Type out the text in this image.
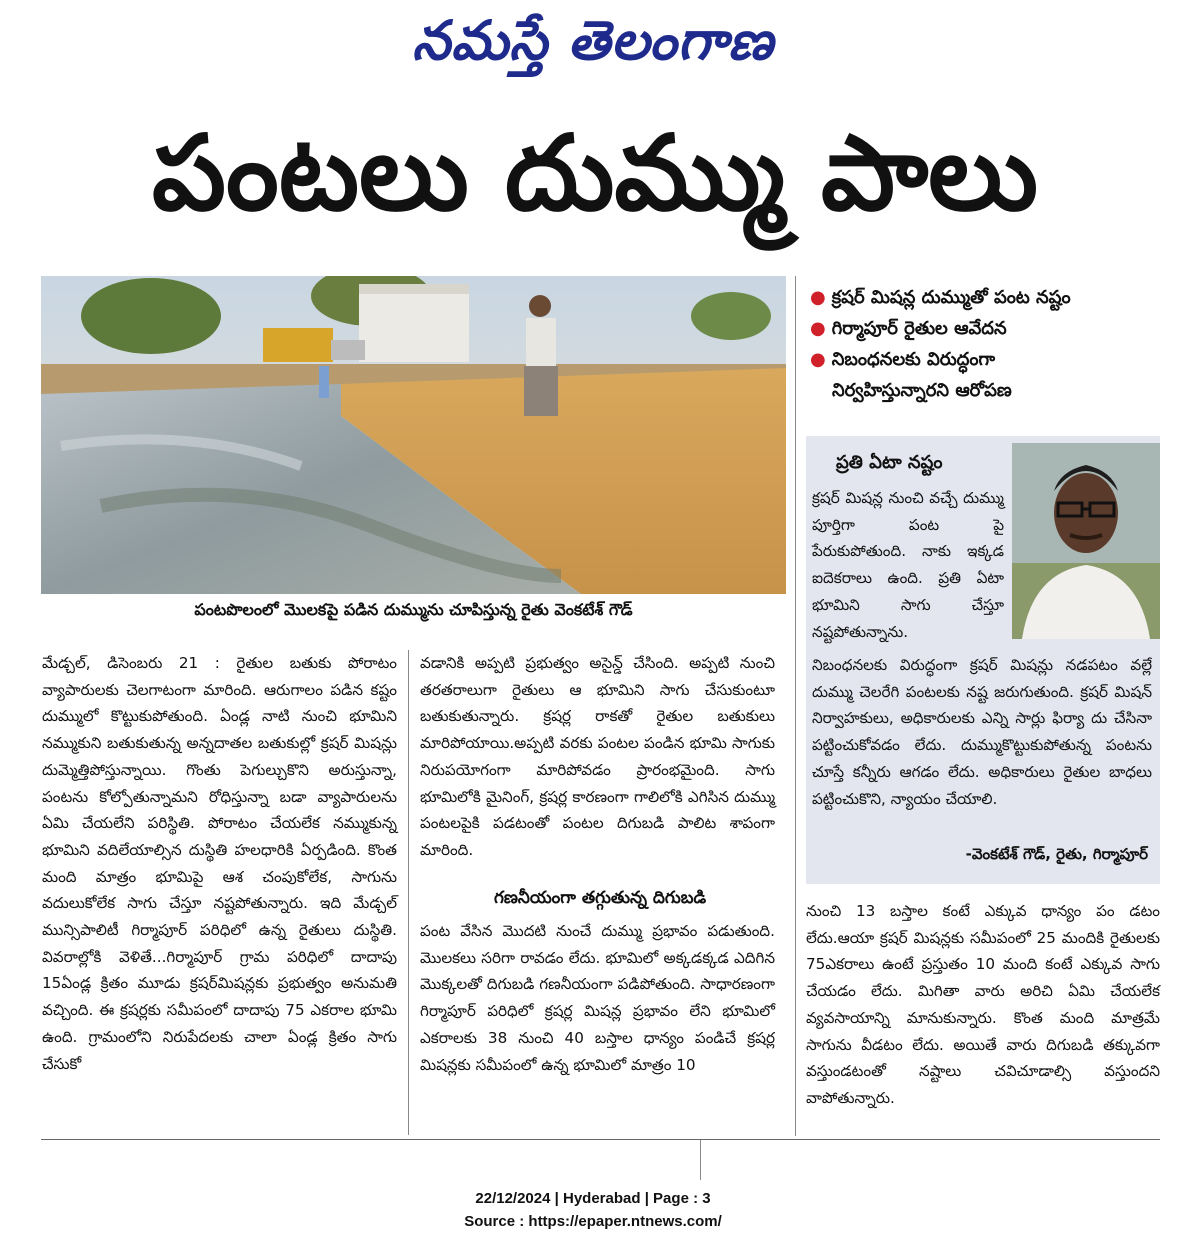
నమస్తే తెలంగాణ
పంటలు దుమ్ము పాలు
పంటపొలంలో మొలకపై పడిన దుమ్మును చూపిస్తున్న రైతు వెంకటేశ్‌ గౌడ్‌
● క్రషర్‌ మిషన్ల దుమ్ముతో పంట నష్టం
● గిర్మాపూర్‌ రైతుల ఆవేదన
● నిబంధనలకు విరుద్ధంగా
నిర్వహిస్తున్నారని ఆరోపణ
ప్రతి ఏటా నష్టం
క్రషర్‌ మిషన్ల నుంచి వచ్చే దుమ్ము పూర్తిగా పంట పై పేరుకుపోతుంది. నాకు ఇక్కడ ఐదెకరాలు ఉంది. ప్రతి ఏటా భూమిని సాగు చేస్తూ నష్టపోతున్నాను.
నిబంధనలకు విరుద్ధంగా క్రషర్‌ మిషన్లు నడపటం వల్లే దుమ్ము చెలరేగి పంటలకు నష్ట జరుగుతుంది. క్రషర్‌ మిషన్‌ నిర్వాహకులు, అధికారులకు ఎన్ని సార్లు ఫిర్యా దు చేసినా పట్టించుకోవడం లేదు. దుమ్ముకొట్టుకుపోతున్న పంటను చూస్తే కన్నీరు ఆగడం లేదు. అధికారులు రైతుల బాధలు పట్టించుకొని, న్యాయం చేయాలి.
-వెంకటేశ్‌ గౌడ్‌, రైతు, గిర్మాపూర్‌

మేడ్చల్‌, డిసెంబరు 21 : రైతుల బతుకు పోరాటం వ్యాపారులకు చెలగాటంగా మారింది. ఆరుగాలం పడిన కష్టం దుమ్ములో కొట్టుకుపోతుంది. ఏండ్ల నాటి నుంచి భూమిని నమ్ముకుని బతుకుతున్న అన్నదాతల బతుకుల్లో క్రషర్‌ మిషన్లు దుమ్మెత్తిపోస్తున్నాయి. గొంతు పెగుల్చుకొని అరుస్తున్నా, పంటను కోల్పోతున్నామని రోధిస్తున్నా బడా వ్యాపారులను ఏమి చేయలేని పరిస్థితి. పోరాటం చేయలేక నమ్ముకున్న భూమిని వదిలేయాల్సిన దుస్థితి హలధారికి ఏర్పడింది. కొంత మంది మాత్రం భూమిపై ఆశ చంపుకోలేక, సాగును వదులుకోలేక సాగు చేస్తూ నష్టపోతున్నారు. ఇది మేడ్చల్‌ మున్సిపాలిటీ గిర్మాపూర్‌ పరిధిలో ఉన్న రైతులు దుస్థితి. వివరాల్లోకి వెళితే...గిర్మాపూర్‌ గ్రామ పరిధిలో దాదాపు 15ఏండ్ల క్రితం మూడు క్రషర్‌మిషన్లకు ప్రభుత్వం అనుమతి వచ్చింది. ఈ క్రషర్లకు సమీపంలో దాదాపు 75 ఎకరాల భూమి ఉంది. గ్రామంలోని నిరుపేదలకు చాలా ఏండ్ల క్రితం సాగు చేసుకో

వడానికి అప్పటి ప్రభుత్వం అసైన్డ్‌ చేసింది. అప్పటి నుంచి తరతరాలుగా రైతులు ఆ భూమిని సాగు చేసుకుంటూ బతుకుతున్నారు. క్రషర్ల రాకతో రైతుల బతుకులు మారిపోయాయి.అప్పటి వరకు పంటల పండిన భూమి సాగుకు నిరుపయోగంగా మారిపోవడం ప్రారంభమైంది. సాగు భూమిలోకి మైనింగ్‌, క్రషర్ల కారణంగా గాలిలోకి ఎగిసిన దుమ్ము పంటలపైకి పడటంతో పంటల దిగుబడి పాలిట శాపంగా మారింది.

గణనీయంగా తగ్గుతున్న దిగుబడి

పంట వేసిన మొదటి నుంచే దుమ్ము ప్రభావం పడుతుంది. మొలకలు సరిగా రావడం లేదు. భూమిలో అక్కడక్కడ ఎదిగిన మొక్కలతో దిగుబడి గణనీయంగా పడిపోతుంది. సాధారణంగా గిర్మాపూర్‌ పరిధిలో క్రషర్ల మిషన్ల ప్రభావం లేని భూమిలో ఎకరాలకు 38 నుంచి 40 బస్తాల ధాన్యం పండిచే క్రషర్ల మిషన్లకు సమీపంలో ఉన్న భూమిలో మాత్రం 10

నుంచి 13 బస్తాల కంటే ఎక్కువ ధాన్యం పం డటం లేదు.ఆయా క్రషర్‌ మిషన్లకు సమీపంలో 25 మందికి రైతులకు 75ఎకరాలు ఉంటే ప్రస్తుతం 10 మంది కంటే ఎక్కువ సాగు చేయడం లేదు. మిగితా వారు అరిచి ఏమి చేయలేక వ్యవసాయాన్ని మానుకున్నారు. కొంత మంది మాత్రమే సాగును వీడటం లేదు. అయితే వారు దిగుబడి తక్కువగా వస్తుండటంతో నష్టాలు చవిచూడాల్సి వస్తుందని వాపోతున్నారు.

22/12/2024 | Hyderabad | Page : 3
Source : https://epaper.ntnews.com/
